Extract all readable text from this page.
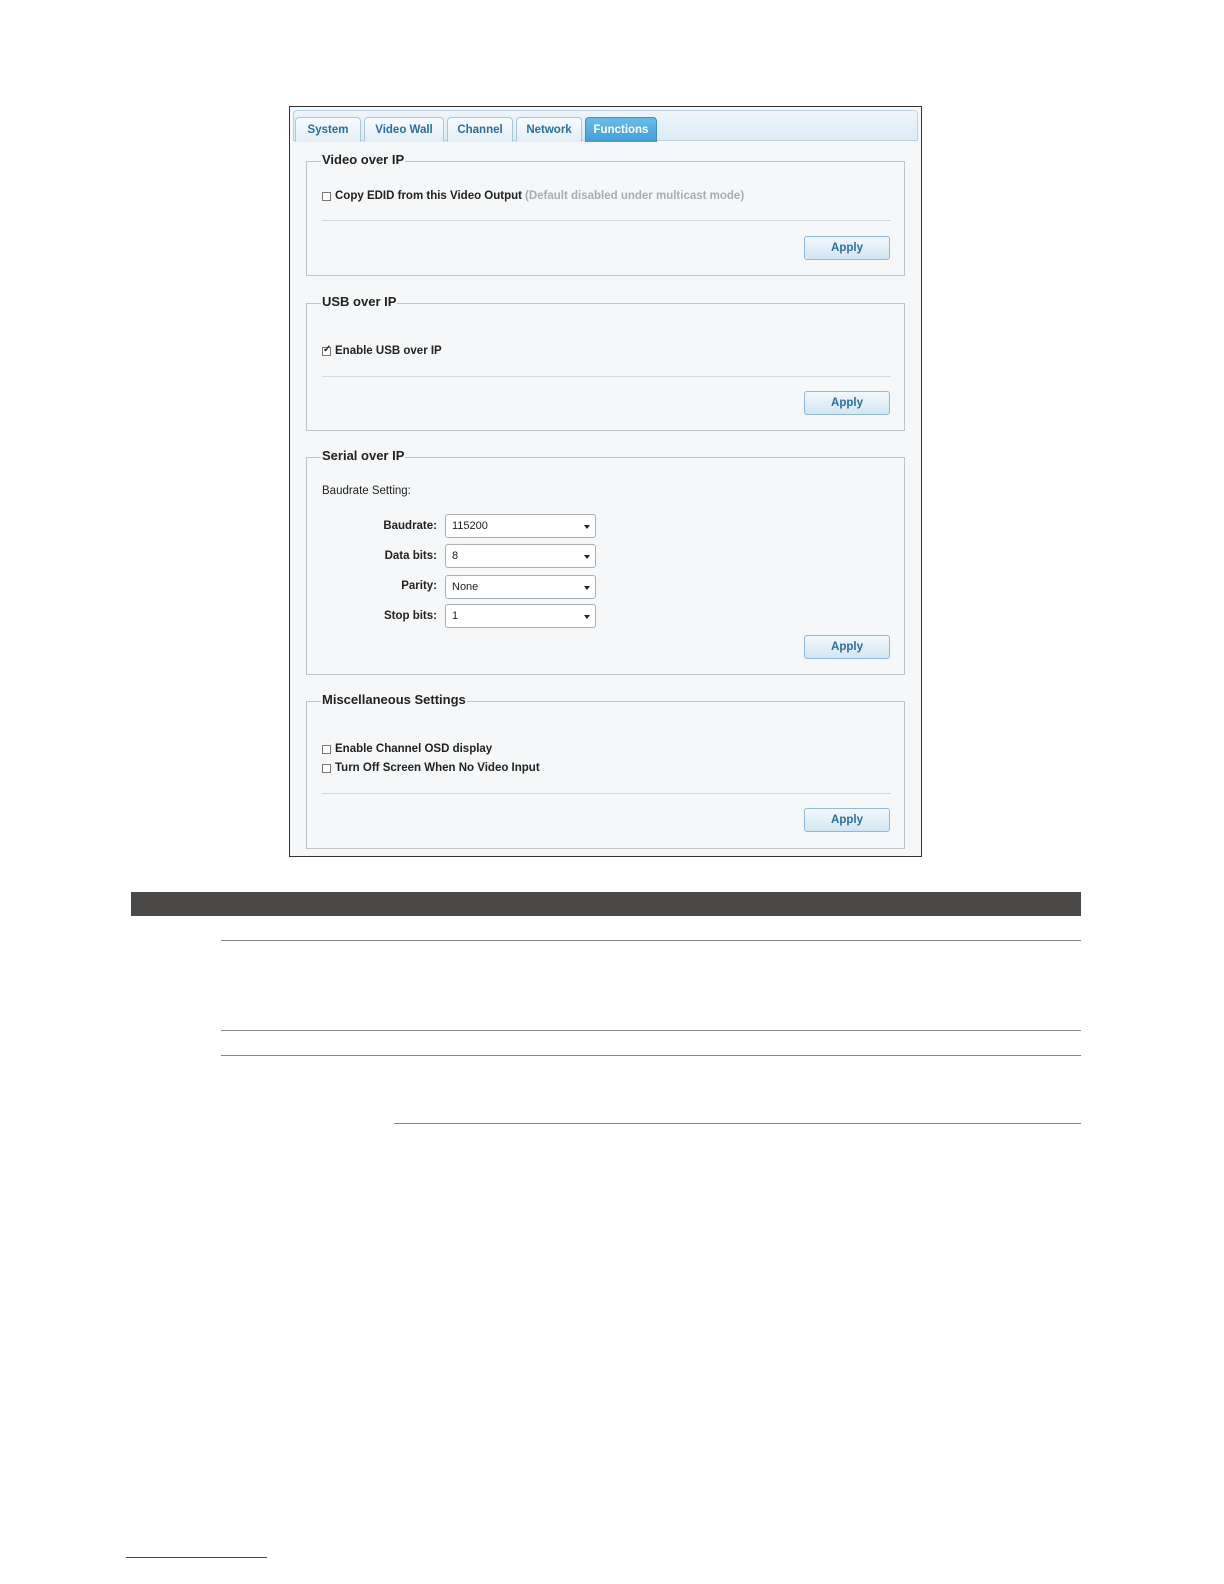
System	Video Wall	Channel	Network	Functions
Video over IP
Copy EDID from this Video Output (Default disabled under multicast mode)
Apply
USB over IP
✓
Enable USB over IP
Apply
Serial over IP
Baudrate Setting:
Baudrate: 115200
Data bits: 8
Parity: None
Stop bits: 1
Apply
Miscellaneous Settings
Enable Channel OSD display
Turn Off Screen When No Video Input
Apply
